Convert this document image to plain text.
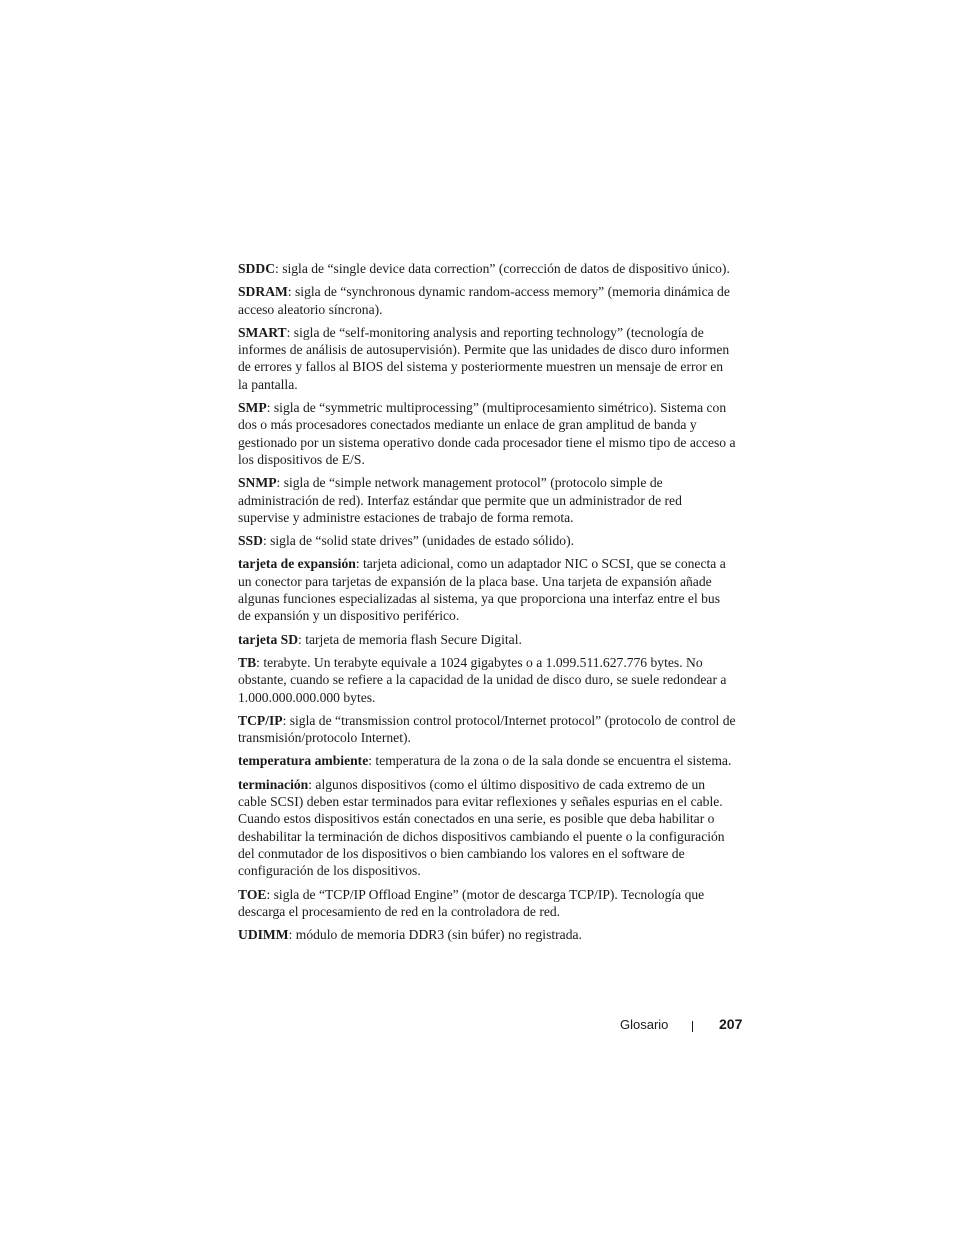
SDDC: sigla de “single device data correction” (corrección de datos de dispositivo único).

SDRAM: sigla de “synchronous dynamic random-access memory” (memoria dinámica de acceso aleatorio síncrona).

SMART: sigla de “self-monitoring analysis and reporting technology” (tecnología de informes de análisis de autosupervisión). Permite que las unidades de disco duro informen de errores y fallos al BIOS del sistema y posteriormente muestren un mensaje de error en la pantalla.

SMP: sigla de “symmetric multiprocessing” (multiprocesamiento simétrico). Sistema con dos o más procesadores conectados mediante un enlace de gran amplitud de banda y gestionado por un sistema operativo donde cada procesador tiene el mismo tipo de acceso a los dispositivos de E/S.

SNMP: sigla de “simple network management protocol” (protocolo simple de administración de red). Interfaz estándar que permite que un administrador de red supervise y administre estaciones de trabajo de forma remota.

SSD: sigla de “solid state drives” (unidades de estado sólido).

tarjeta de expansión: tarjeta adicional, como un adaptador NIC o SCSI, que se conecta a un conector para tarjetas de expansión de la placa base. Una tarjeta de expansión añade algunas funciones especializadas al sistema, ya que proporciona una interfaz entre el bus de expansión y un dispositivo periférico.

tarjeta SD: tarjeta de memoria flash Secure Digital.

TB: terabyte. Un terabyte equivale a 1024 gigabytes o a 1.099.511.627.776 bytes. No obstante, cuando se refiere a la capacidad de la unidad de disco duro, se suele redondear a 1.000.000.000.000 bytes.

TCP/IP: sigla de “transmission control protocol/Internet protocol” (protocolo de control de transmisión/protocolo Internet).

temperatura ambiente: temperatura de la zona o de la sala donde se encuentra el sistema.

terminación: algunos dispositivos (como el último dispositivo de cada extremo de un cable SCSI) deben estar terminados para evitar reflexiones y señales espurias en el cable. Cuando estos dispositivos están conectados en una serie, es posible que deba habilitar o deshabilitar la terminación de dichos dispositivos cambiando el puente o la configuración del conmutador de los dispositivos o bien cambiando los valores en el software de configuración de los dispositivos.

TOE: sigla de “TCP/IP Offload Engine” (motor de descarga TCP/IP). Tecnología que descarga el procesamiento de red en la controladora de red.

UDIMM: módulo de memoria DDR3 (sin búfer) no registrada.

Glosario	207
